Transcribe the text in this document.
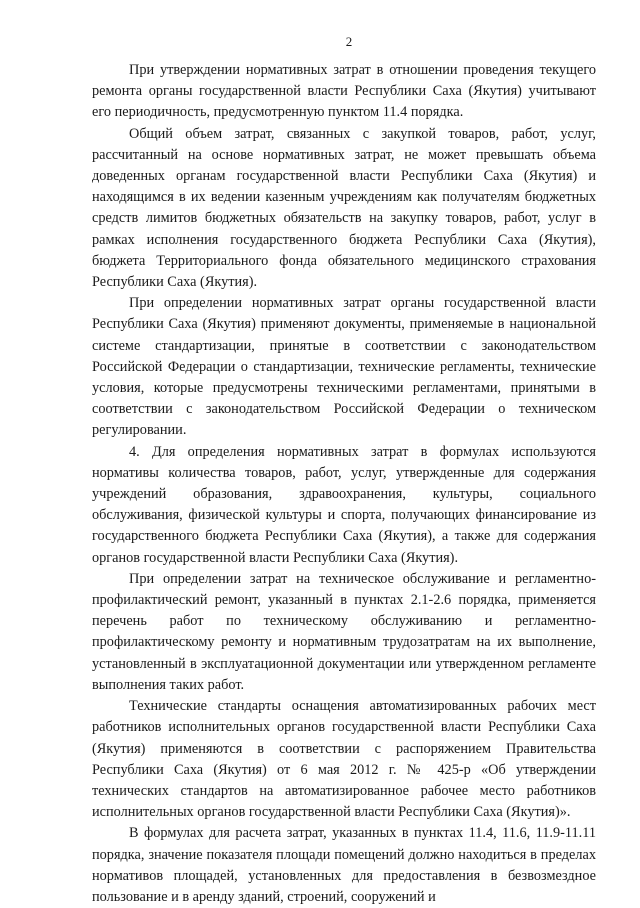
2

При утверждении нормативных затрат в отношении проведения текущего ремонта органы государственной власти Республики Саха (Якутия) учитывают его периодичность, предусмотренную пунктом 11.4 порядка.

Общий объем затрат, связанных с закупкой товаров, работ, услуг, рассчитанный на основе нормативных затрат, не может превышать объема доведенных органам государственной власти Республики Саха (Якутия) и находящимся в их ведении казенным учреждениям как получателям бюджетных средств лимитов бюджетных обязательств на закупку товаров, работ, услуг в рамках исполнения государственного бюджета Республики Саха (Якутия), бюджета Территориального фонда обязательного медицинского страхования Республики Саха (Якутия).

При определении нормативных затрат органы государственной власти Республики Саха (Якутия) применяют документы, применяемые в национальной системе стандартизации, принятые в соответствии с законодательством Российской Федерации о стандартизации, технические регламенты, технические условия, которые предусмотрены техническими регламентами, принятыми в соответствии с законодательством Российской Федерации о техническом регулировании.

4. Для определения нормативных затрат в формулах используются нормативы количества товаров, работ, услуг, утвержденные для содержания учреждений образования, здравоохранения, культуры, социального обслуживания, физической культуры и спорта, получающих финансирование из государственного бюджета Республики Саха (Якутия), а также для содержания органов государственной власти Республики Саха (Якутия).

При определении затрат на техническое обслуживание и регламентно-профилактический ремонт, указанный в пунктах 2.1-2.6 порядка, применяется перечень работ по техническому обслуживанию и регламентно-профилактическому ремонту и нормативным трудозатратам на их выполнение, установленный в эксплуатационной документации или утвержденном регламенте выполнения таких работ.

Технические стандарты оснащения автоматизированных рабочих мест работников исполнительных органов государственной власти Республики Саха (Якутия) применяются в соответствии с распоряжением Правительства Республики Саха (Якутия) от 6 мая 2012 г. № 425-р «Об утверждении технических стандартов на автоматизированное рабочее место работников исполнительных органов государственной власти Республики Саха (Якутия)».

В формулах для расчета затрат, указанных в пунктах 11.4, 11.6, 11.9-11.11 порядка, значение показателя площади помещений должно находиться в пределах нормативов площадей, установленных для предоставления в безвозмездное пользование и в аренду зданий, строений, сооружений и
